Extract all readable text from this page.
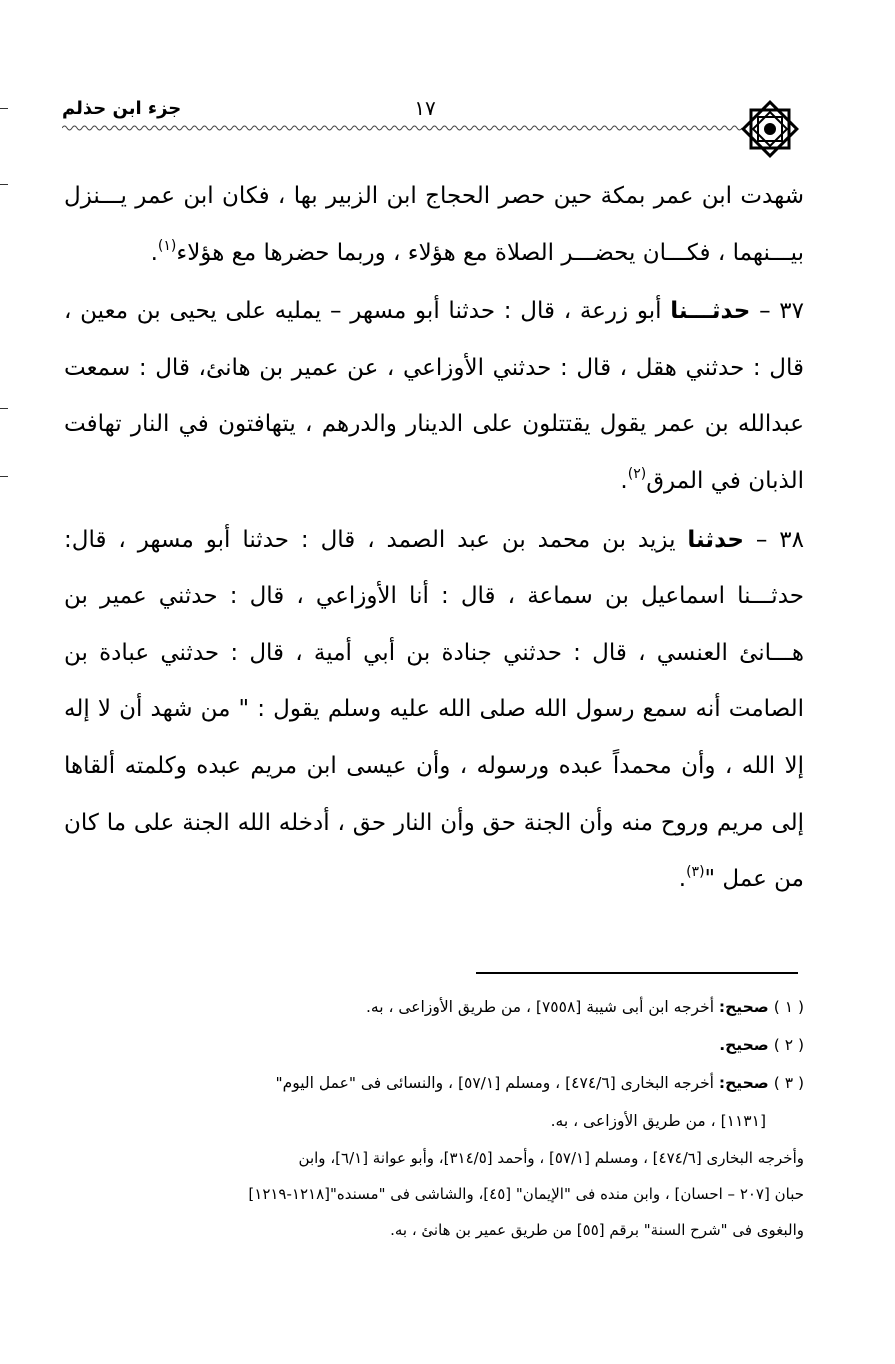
جزء ابن حذلم	١٧

شهدت ابن عمر بمكة حين حصر الحجاج ابن الزبير بها ، فكان ابن عمر يـــنزل بيـــنهما ، فكـــان يحضـــر الصلاة مع هؤلاء ، وربما حضرها مع هؤلاء$^{(١)}$.

٣٧ – حدثـــنا أبو زرعة ، قال : حدثنا أبو مسهر – يمليه على يحيى بن معين ، قال : حدثني هقل ، قال : حدثني الأوزاعي ، عن عمير بن هانئ، قال : سمعت عبدالله بن عمر يقول يقتتلون على الدينار والدرهم ، يتهافتون في النار تهافت الذبان في المرق$^{(٢)}$.

٣٨ – حدثنا يزيد بن محمد بن عبد الصمد ، قال : حدثنا أبو مسهر ، قال: حدثـــنا اسماعيل بن سماعة ، قال : أنا الأوزاعي ، قال : حدثني عمير بن هـــانئ العنسي ، قال : حدثني جنادة بن أبي أمية ، قال : حدثني عبادة بن الصامت أنه سمع رسول الله صلى الله عليه وسلم يقول : " من شهد أن لا إله إلا الله ، وأن محمداً عبده ورسوله ، وأن عيسى ابن مريم عبده وكلمته ألقاها إلى مريم وروح منه وأن الجنة حق وأن النار حق ، أدخله الله الجنة على ما كان من عمل "$^{(٣)}$.

( ١ ) صحيح: أخرجه ابن أبى شيبة [٧٥٥٨] ، من طريق الأوزاعى ، به.

( ٢ ) صحيح.

( ٣ ) صحيح: أخرجه البخارى [٤٧٤/٦] ، ومسلم [٥٧/١] ، والنسائى فى "عمل اليوم"

[١١٣١] ، من طريق الأوزاعى ، به.

وأخرجه البخارى [٤٧٤/٦] ، ومسلم [٥٧/١] ، وأحمد [٣١٤/٥]، وأبو عوانة [٦/١]، وابن

حبان [٢٠٧ – احسان] ، وابن منده فى "الإيمان" [٤٥]، والشاشى فى "مسنده"[١٢١٨-١٢١٩]

والبغوى فى "شرح السنة" برقم [٥٥] من طريق عمير بن هانئ ، به.
